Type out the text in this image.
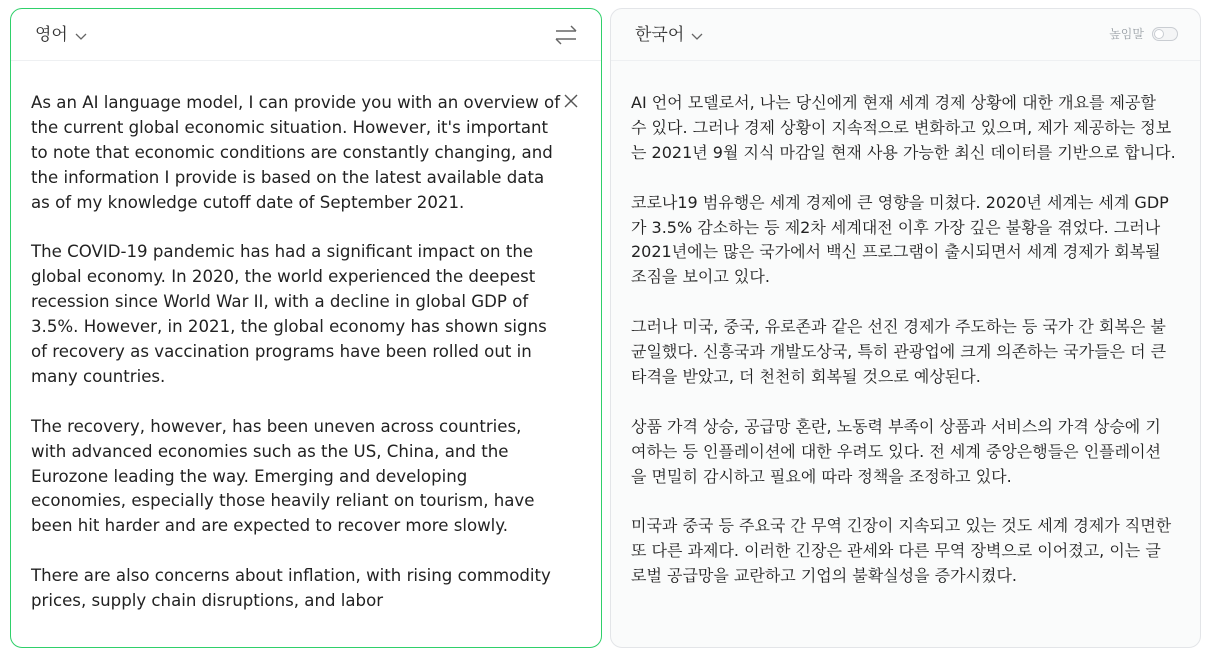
영어

As an AI language model, I can provide you with an overview of the current global economic situation. However, it's important to note that economic conditions are constantly changing, and the information I provide is based on the latest available data as of my knowledge cutoff date of September 2021.

The COVID-19 pandemic has had a significant impact on the global economy. In 2020, the world experienced the deepest recession since World War II, with a decline in global GDP of 3.5%. However, in 2021, the global economy has shown signs of recovery as vaccination programs have been rolled out in many countries.

The recovery, however, has been uneven across countries, with advanced economies such as the US, China, and the Eurozone leading the way. Emerging and developing economies, especially those heavily reliant on tourism, have been hit harder and are expected to recover more slowly.

There are also concerns about inflation, with rising commodity prices, supply chain disruptions, and labor

한국어	높임말

AI 언어 모델로서, 나는 당신에게 현재 세계 경제 상황에 대한 개요를 제공할 수 있다. 그러나 경제 상황이 지속적으로 변화하고 있으며, 제가 제공하는 정보는 2021년 9월 지식 마감일 현재 사용 가능한 최신 데이터를 기반으로 합니다.

코로나19 범유행은 세계 경제에 큰 영향을 미쳤다. 2020년 세계는 세계 GDP가 3.5% 감소하는 등 제2차 세계대전 이후 가장 깊은 불황을 겪었다. 그러나 2021년에는 많은 국가에서 백신 프로그램이 출시되면서 세계 경제가 회복될 조짐을 보이고 있다.

그러나 미국, 중국, 유로존과 같은 선진 경제가 주도하는 등 국가 간 회복은 불균일했다. 신흥국과 개발도상국, 특히 관광업에 크게 의존하는 국가들은 더 큰 타격을 받았고, 더 천천히 회복될 것으로 예상된다.

상품 가격 상승, 공급망 혼란, 노동력 부족이 상품과 서비스의 가격 상승에 기여하는 등 인플레이션에 대한 우려도 있다. 전 세계 중앙은행들은 인플레이션을 면밀히 감시하고 필요에 따라 정책을 조정하고 있다.

미국과 중국 등 주요국 간 무역 긴장이 지속되고 있는 것도 세계 경제가 직면한 또 다른 과제다. 이러한 긴장은 관세와 다른 무역 장벽으로 이어졌고, 이는 글로벌 공급망을 교란하고 기업의 불확실성을 증가시켰다.
